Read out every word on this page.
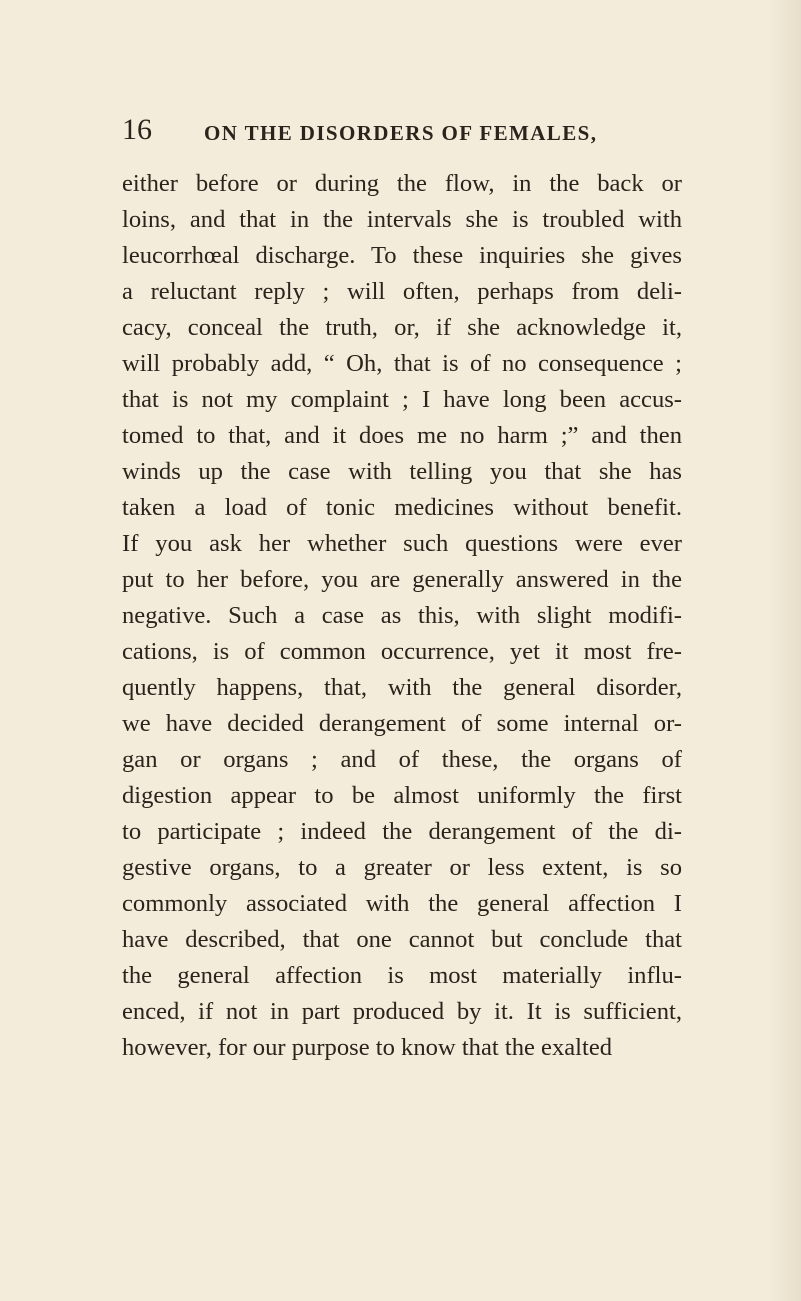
16 ON THE DISORDERS OF FEMALES,
either before or during the flow, in the back or
loins, and that in the intervals she is troubled with
leucorrhœal discharge. To these inquiries she gives
a reluctant reply ; will often, perhaps from deli-
cacy, conceal the truth, or, if she acknowledge it,
will probably add, “ Oh, that is of no consequence ;
that is not my complaint ; I have long been accus-
tomed to that, and it does me no harm ;” and then
winds up the case with telling you that she has
taken a load of tonic medicines without benefit.
If you ask her whether such questions were ever
put to her before, you are generally answered in the
negative. Such a case as this, with slight modifi-
cations, is of common occurrence, yet it most fre-
quently happens, that, with the general disorder,
we have decided derangement of some internal or-
gan or organs ; and of these, the organs of
digestion appear to be almost uniformly the first
to participate ; indeed the derangement of the di-
gestive organs, to a greater or less extent, is so
commonly associated with the general affection I
have described, that one cannot but conclude that
the general affection is most materially influ-
enced, if not in part produced by it. It is sufficient,
however, for our purpose to know that the exalted
